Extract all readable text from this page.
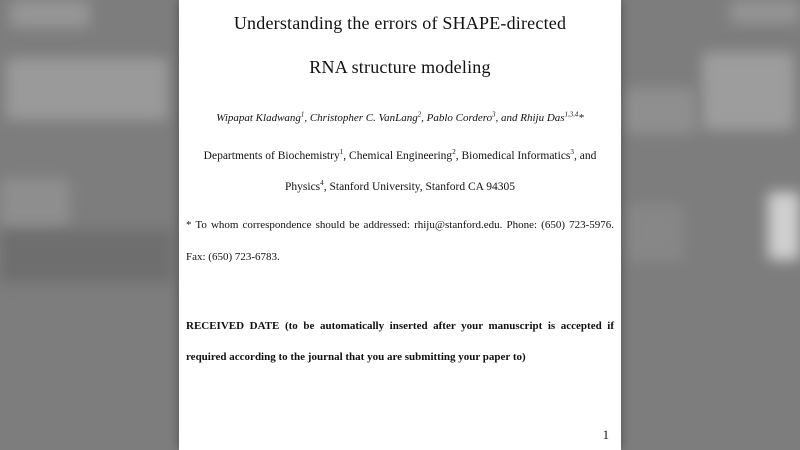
Understanding the errors of SHAPE-directed
RNA structure modeling

Wipapat Kladwang$^1$, Christopher C. VanLang$^2$, Pablo Cordero$^3$, and Rhiju Das$^{1,3,4}$*

Departments of Biochemistry$^1$, Chemical Engineering$^2$, Biomedical Informatics$^3$, and Physics$^4$, Stanford University, Stanford CA 94305

* To whom correspondence should be addressed: rhiju@stanford.edu. Phone: (650) 723-5976. Fax: (650) 723-6783.

RECEIVED DATE (to be automatically inserted after your manuscript is accepted if required according to the journal that you are submitting your paper to)

1
